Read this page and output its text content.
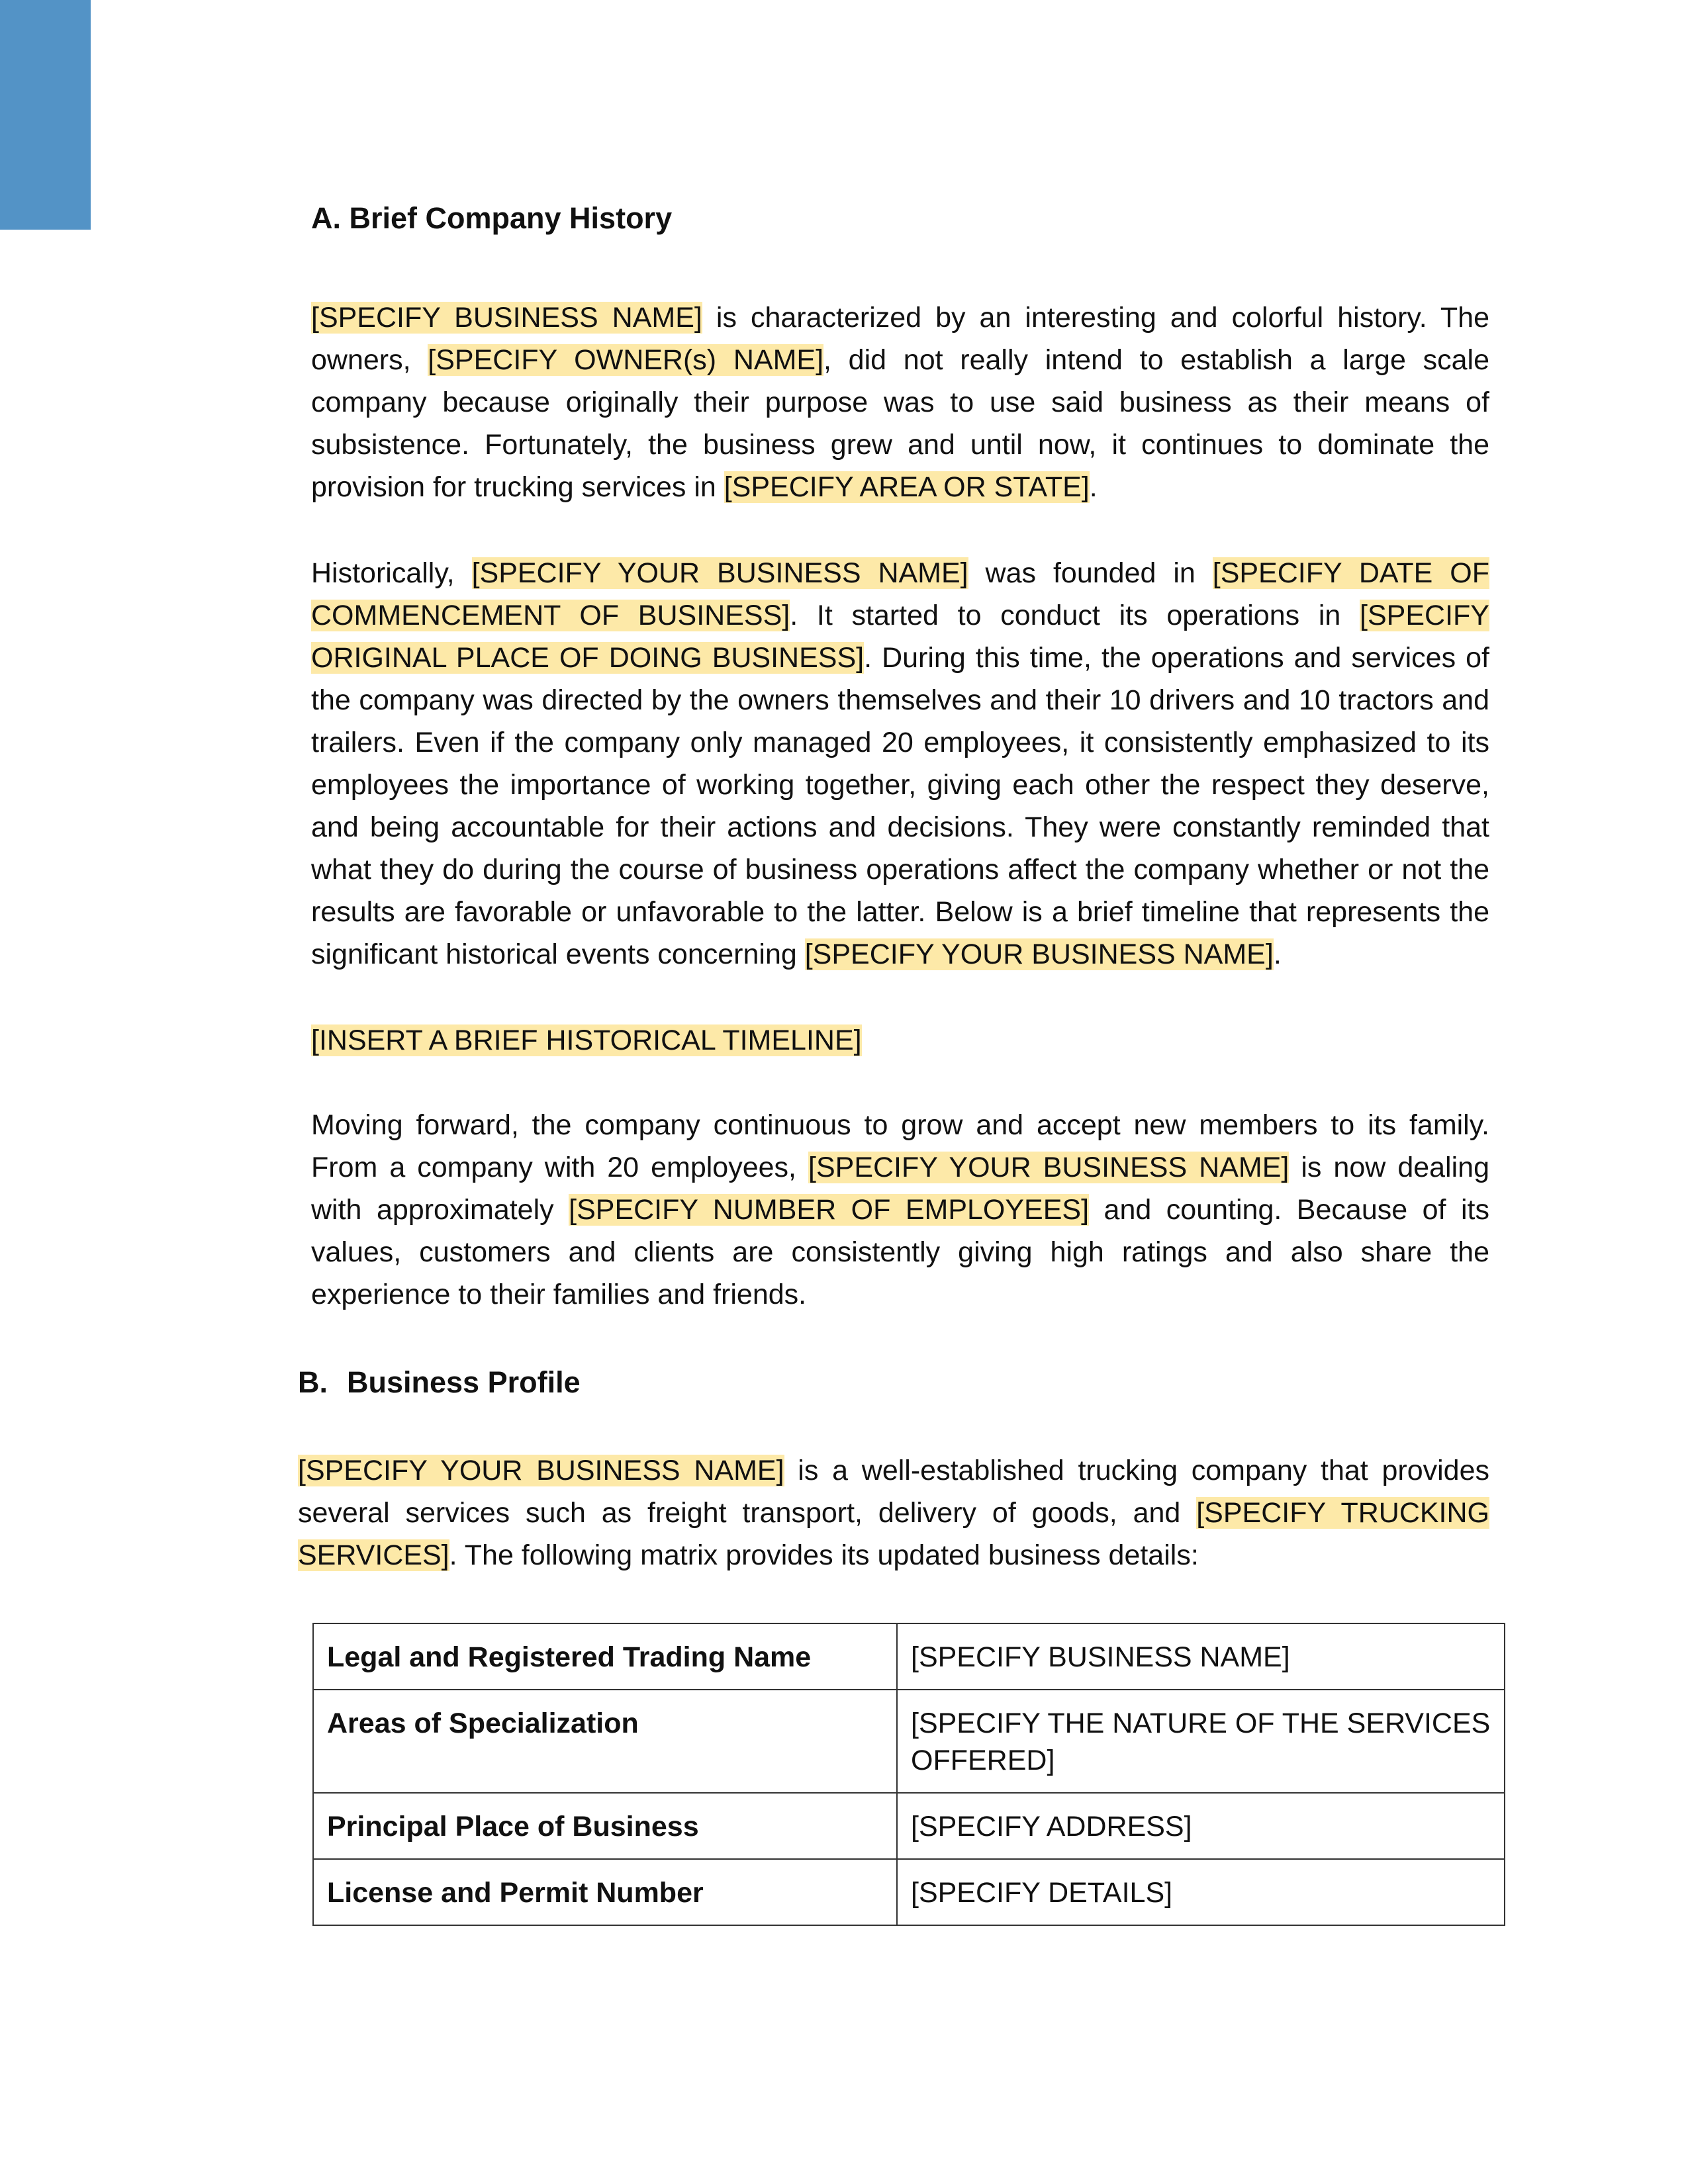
A. Brief Company History

[SPECIFY BUSINESS NAME] is characterized by an interesting and colorful history. The owners, [SPECIFY OWNER(s) NAME], did not really intend to establish a large scale company because originally their purpose was to use said business as their means of subsistence. Fortunately, the business grew and until now, it continues to dominate the provision for trucking services in [SPECIFY AREA OR STATE].

Historically, [SPECIFY YOUR BUSINESS NAME] was founded in [SPECIFY DATE OF COMMENCEMENT OF BUSINESS]. It started to conduct its operations in [SPECIFY ORIGINAL PLACE OF DOING BUSINESS]. During this time, the operations and services of the company was directed by the owners themselves and their 10 drivers and 10 tractors and trailers. Even if the company only managed 20 employees, it consistently emphasized to its employees the importance of working together, giving each other the respect they deserve, and being accountable for their actions and decisions. They were constantly reminded that what they do during the course of business operations affect the company whether or not the results are favorable or unfavorable to the latter. Below is a brief timeline that represents the significant historical events concerning [SPECIFY YOUR BUSINESS NAME].

[INSERT A BRIEF HISTORICAL TIMELINE]

Moving forward, the company continuous to grow and accept new members to its family. From a company with 20 employees, [SPECIFY YOUR BUSINESS NAME] is now dealing with approximately [SPECIFY NUMBER OF EMPLOYEES] and counting. Because of its values, customers and clients are consistently giving high ratings and also share the experience to their families and friends.

B. Business Profile

[SPECIFY YOUR BUSINESS NAME] is a well-established trucking company that provides several services such as freight transport, delivery of goods, and [SPECIFY TRUCKING SERVICES]. The following matrix provides its updated business details:

Legal and Registered Trading Name	[SPECIFY BUSINESS NAME]
Areas of Specialization	[SPECIFY THE NATURE OF THE SERVICES OFFERED]
Principal Place of Business	[SPECIFY ADDRESS]
License and Permit Number	[SPECIFY DETAILS]
